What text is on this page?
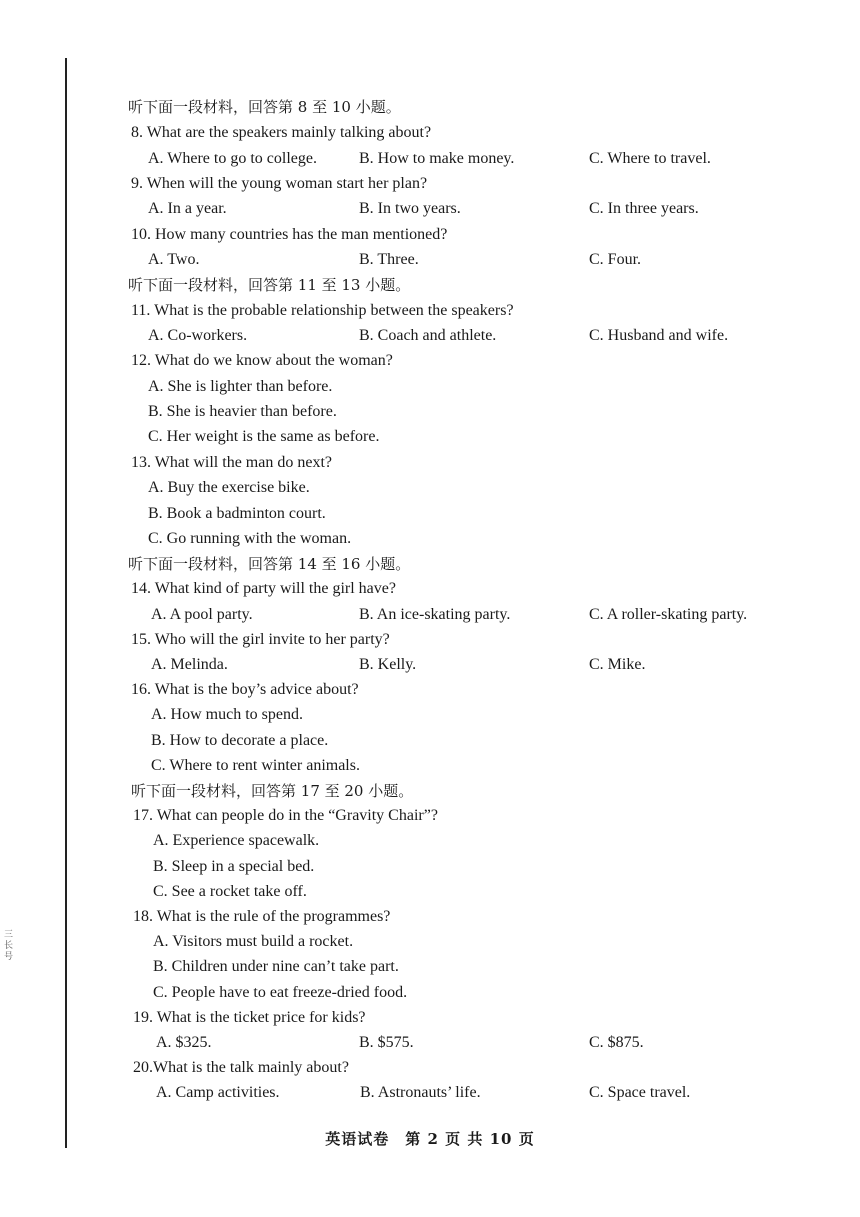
三 长 号
听下面一段材料，回答第 8 至 10 小题。
8. What are the speakers mainly talking about?
A. Where to go to college.	B. How to make money.	C. Where to travel.
9. When will the young woman start her plan?
A. In a year.	B. In two years.	C. In three years.
10. How many countries has the man mentioned?
A. Two.	B. Three.	C. Four.
听下面一段材料，回答第 11 至 13 小题。
11. What is the probable relationship between the speakers?
A. Co-workers.	B. Coach and athlete.	C. Husband and wife.
12. What do we know about the woman?
A. She is lighter than before.
B. She is heavier than before.
C. Her weight is the same as before.
13. What will the man do next?
A. Buy the exercise bike.
B. Book a badminton court.
C. Go running with the woman.
听下面一段材料，回答第 14 至 16 小题。
14. What kind of party will the girl have?
A. A pool party.	B. An ice-skating party.	C. A roller-skating party.
15. Who will the girl invite to her party?
A. Melinda.	B. Kelly.	C. Mike.
16. What is the boy’s advice about?
A. How much to spend.
B. How to decorate a place.
C. Where to rent winter animals.
听下面一段材料，回答第 17 至 20 小题。
17. What can people do in the “Gravity Chair”?
A. Experience spacewalk.
B. Sleep in a special bed.
C. See a rocket take off.
18. What is the rule of the programmes?
A. Visitors must build a rocket.
B. Children under nine can’t take part.
C. People have to eat freeze-dried food.
19. What is the ticket price for kids?
A. $325.	B. $575.	C. $875.
20.What is the talk mainly about?
A. Camp activities.	B. Astronauts’ life.	C. Space travel.
英语试卷　第 2 页 共 10 页
